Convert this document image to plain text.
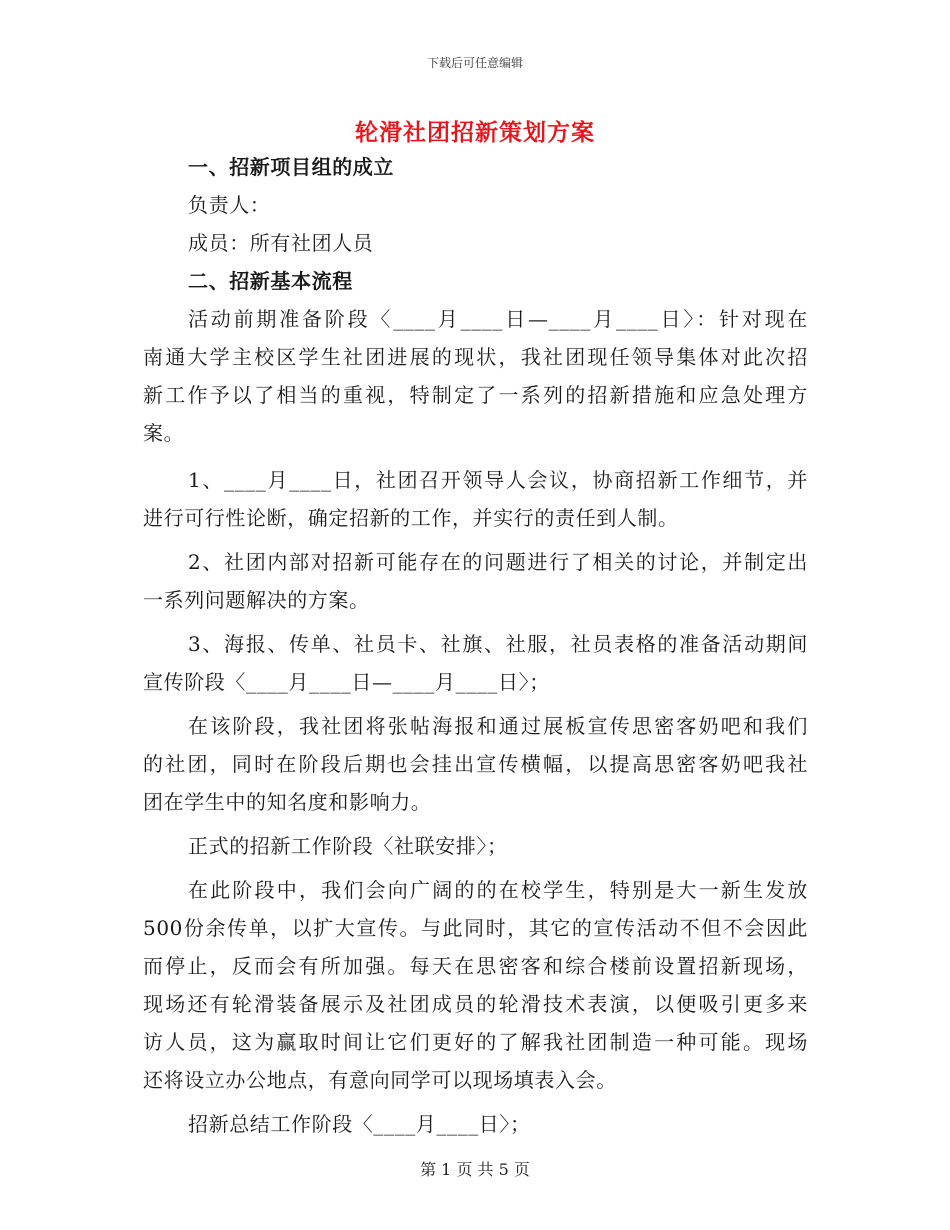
下载后可任意编辑
轮滑社团招新策划方案
一、招新项目组的成立
负责人：
成员：所有社团人员
二、招新基本流程
活动前期准备阶段〈____月____日—____月____日〉：针对现在
南通大学主校区学生社团进展的现状，我社团现任领导集体对此次招
新工作予以了相当的重视，特制定了一系列的招新措施和应急处理方
案。
1、____月____日，社团召开领导人会议，协商招新工作细节，并
进行可行性论断，确定招新的工作，并实行的责任到人制。
2、社团内部对招新可能存在的问题进行了相关的讨论，并制定出
一系列问题解决的方案。
3、海报、传单、社员卡、社旗、社服，社员表格的准备活动期间
宣传阶段〈____月____日—____月____日〉；
在该阶段，我社团将张帖海报和通过展板宣传思密客奶吧和我们
的社团，同时在阶段后期也会挂出宣传横幅，以提高思密客奶吧我社
团在学生中的知名度和影响力。
正式的招新工作阶段〈社联安排〉；
在此阶段中，我们会向广阔的的在校学生，特别是大一新生发放
500份余传单，以扩大宣传。与此同时，其它的宣传活动不但不会因此
而停止，反而会有所加强。每天在思密客和综合楼前设置招新现场，
现场还有轮滑装备展示及社团成员的轮滑技术表演，以便吸引更多来
访人员，这为赢取时间让它们更好的了解我社团制造一种可能。现场
还将设立办公地点，有意向同学可以现场填表入会。
招新总结工作阶段〈____月____日〉；
第 1 页 共 5 页
